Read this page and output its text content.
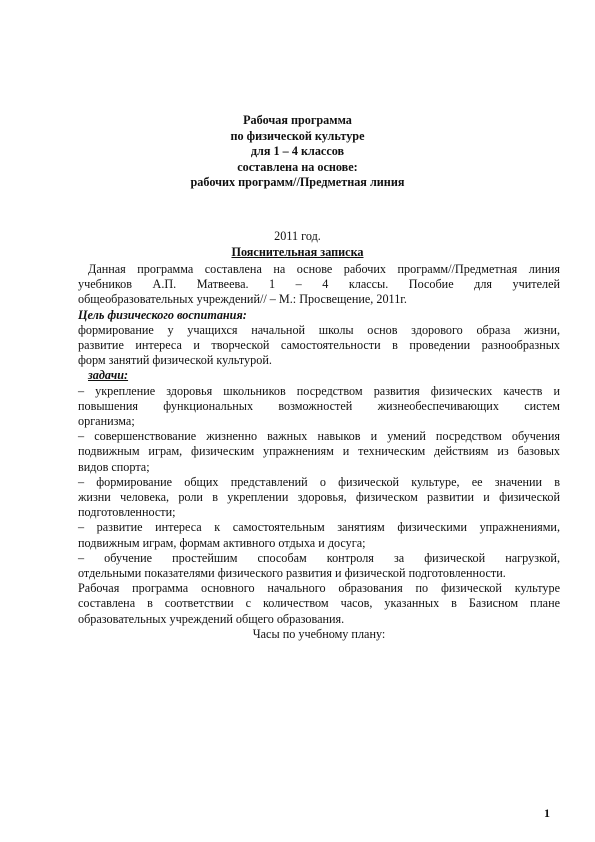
Рабочая программа
по физической культуре
для 1 – 4 классов
составлена на основе:
рабочих программ//Предметная линия
2011 год.
Пояснительная записка
Данная программа составлена на основе рабочих программ//Предметная линия
учебников А.П. Матвеева. 1 – 4 классы. Пособие для учителей
общеобразовательных учреждений// – М.: Просвещение, 2011г.
Цель физического воспитания:
формирование у учащихся начальной школы основ здорового образа жизни,
развитие интереса и творческой самостоятельности в проведении разнообразных
форм занятий физической культурой.
задачи:
– укрепление здоровья школьников посредством развития физических качеств и
повышения функциональных возможностей жизнеобеспечивающих систем
организма;
– совершенствование жизненно важных навыков и умений посредством обучения
подвижным играм, физическим упражнениям и техническим действиям из базовых
видов спорта;
– формирование общих представлений о физической культуре, ее значении в
жизни человека, роли в укреплении здоровья, физическом развитии и физической
подготовленности;
– развитие интереса к самостоятельным занятиям физическими упражнениями,
подвижным играм, формам активного отдыха и досуга;
– обучение простейшим способам контроля за физической нагрузкой,
отдельными показателями физического развития и физической подготовленности.
Рабочая программа основного начального образования по физической культуре
составлена в соответствии с количеством часов, указанных в Базисном плане
образовательных учреждений общего образования.
Часы по учебному плану:
1
